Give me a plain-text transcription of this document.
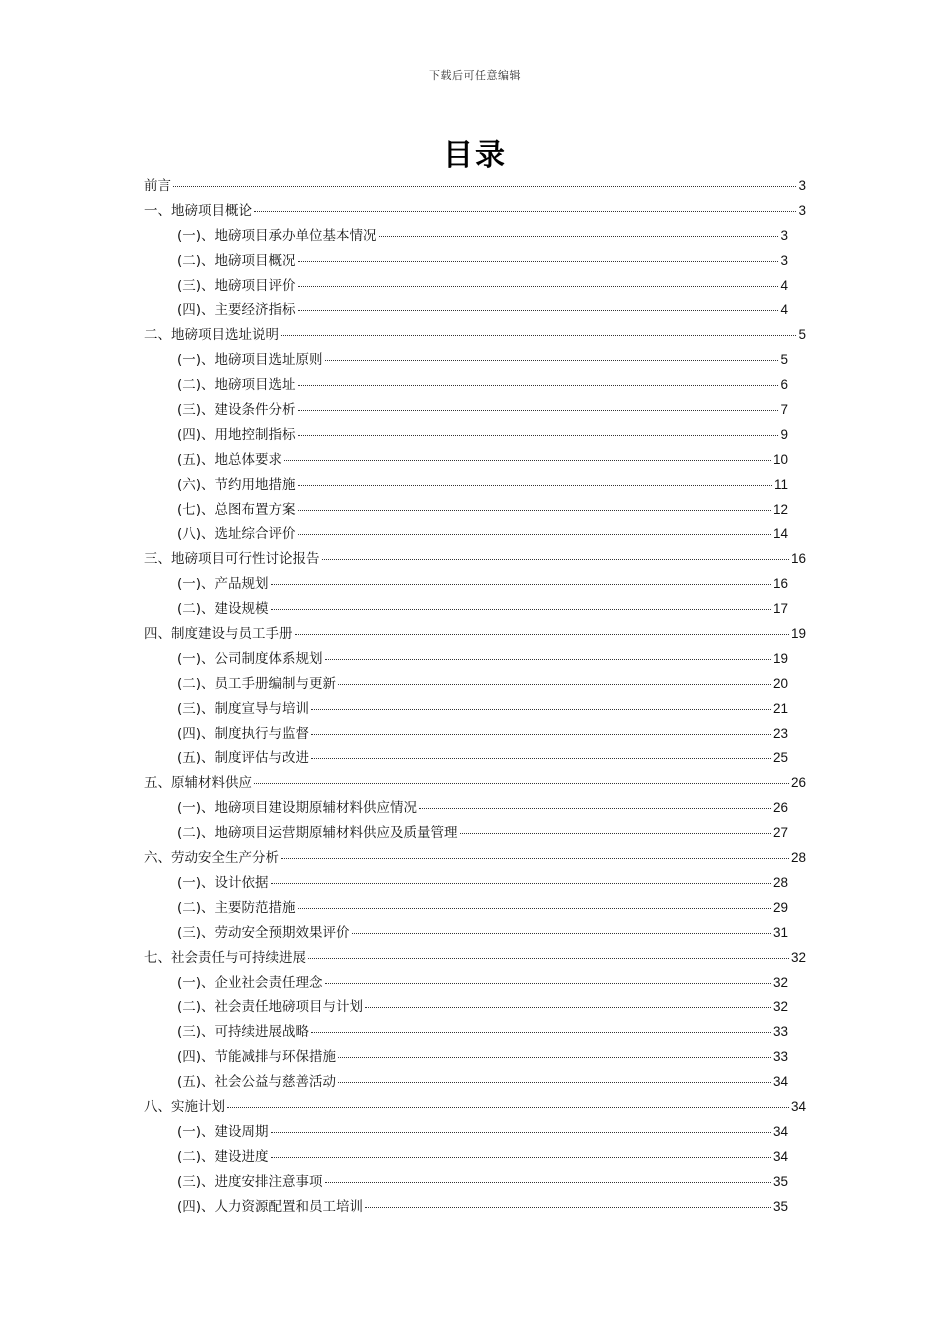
下载后可任意编辑
目录
前言	3
一、地磅项目概论	3
(一)、地磅项目承办单位基本情况	3
(二)、地磅项目概况	3
(三)、地磅项目评价	4
(四)、主要经济指标	4
二、地磅项目选址说明	5
(一)、地磅项目选址原则	5
(二)、地磅项目选址	6
(三)、建设条件分析	7
(四)、用地控制指标	9
(五)、地总体要求	10
(六)、节约用地措施	11
(七)、总图布置方案	12
(八)、选址综合评价	14
三、地磅项目可行性讨论报告	16
(一)、产品规划	16
(二)、建设规模	17
四、制度建设与员工手册	19
(一)、公司制度体系规划	19
(二)、员工手册编制与更新	20
(三)、制度宣导与培训	21
(四)、制度执行与监督	23
(五)、制度评估与改进	25
五、原辅材料供应	26
(一)、地磅项目建设期原辅材料供应情况	26
(二)、地磅项目运营期原辅材料供应及质量管理	27
六、劳动安全生产分析	28
(一)、设计依据	28
(二)、主要防范措施	29
(三)、劳动安全预期效果评价	31
七、社会责任与可持续进展	32
(一)、企业社会责任理念	32
(二)、社会责任地磅项目与计划	32
(三)、可持续进展战略	33
(四)、节能减排与环保措施	33
(五)、社会公益与慈善活动	34
八、实施计划	34
(一)、建设周期	34
(二)、建设进度	34
(三)、进度安排注意事项	35
(四)、人力资源配置和员工培训	35
